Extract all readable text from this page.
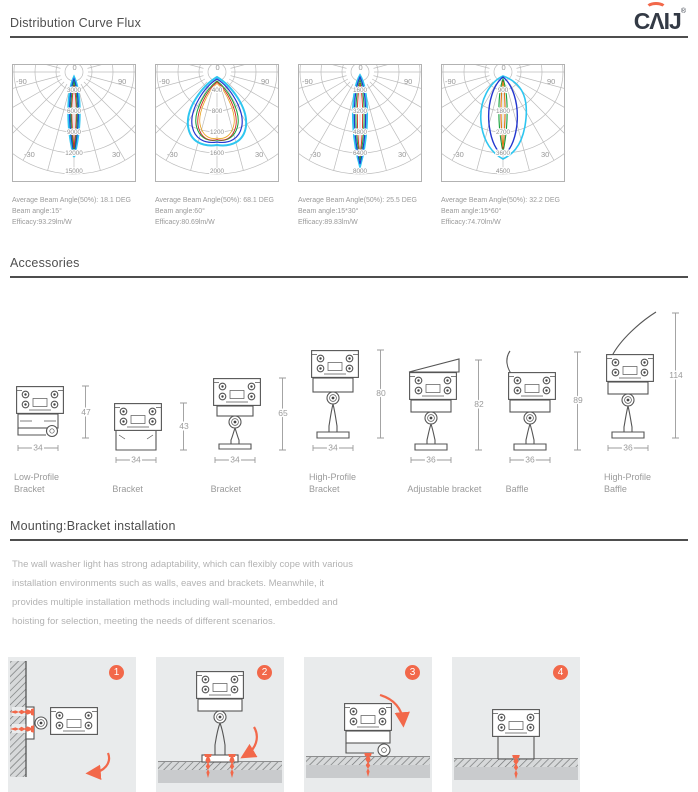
CΛIJ
®
Distribution Curve Flux
-90	90
-30	30
0
3000
6000
9000
12000
15000
Average Beam Angle(50%): 18.1 DEG
Beam angle:15°
Efficacy:93.29lm/W
-90	90
-30	30
0
400
800
1200
1600
2000
Average Beam Angle(50%): 68.1 DEG
Beam angle:60°
Efficacy:80.69lm/W
-90	90
-30	30
0
1600
3200
4800
6400
8000
Average Beam Angle(50%): 25.5 DEG
Beam angle:15*30°
Efficacy:89.83lm/W
-90	90
-30	30
0
900
1800
2700
3600
4500
Average Beam Angle(50%): 32.2 DEG
Beam angle:15*60°
Efficacy:74.70lm/W
Accessories
47
34
Low-Profile
Bracket
43
34
Bracket
65
34
Bracket
80
34
High-Profile
Bracket
82
36
Adjustable bracket
89
36
Baffle
114
36
High-Profile
Baffle
Mounting:Bracket installation
The wall washer light has strong adaptability, which can flexibly cope with various
installation environments such as walls, eaves and brackets. Meanwhile, it
provides multiple installation methods including wall-mounted, embedded and
hoisting for selection, meeting the needs of different scenarios.
1	2	3	4
